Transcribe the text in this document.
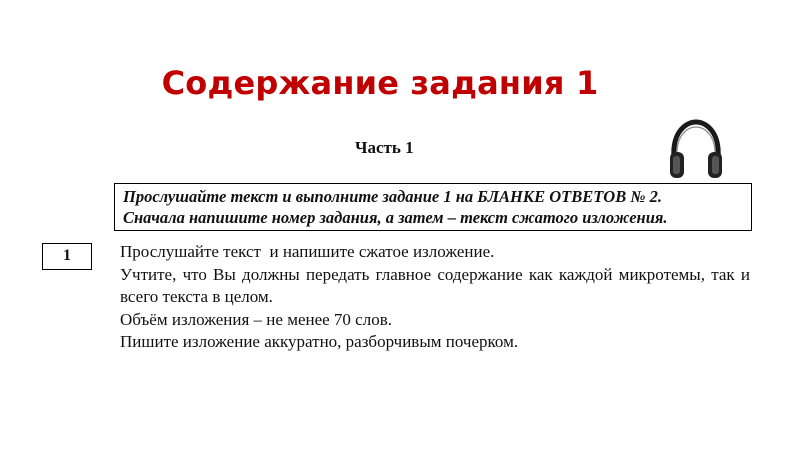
Содержание задания 1
Часть 1
Прослушайте текст и выполните задание 1 на БЛАНКЕ ОТВЕТОВ № 2.
Сначала напишите номер задания, а затем – текст сжатого изложения.
1	Прослушайте текст  и напишите сжатое изложение.

Учтите, что Вы должны передать главное содержание как каждой микротемы, так и всего текста в целом.

Объём изложения – не менее 70 слов.

Пишите изложение аккуратно, разборчивым почерком.
